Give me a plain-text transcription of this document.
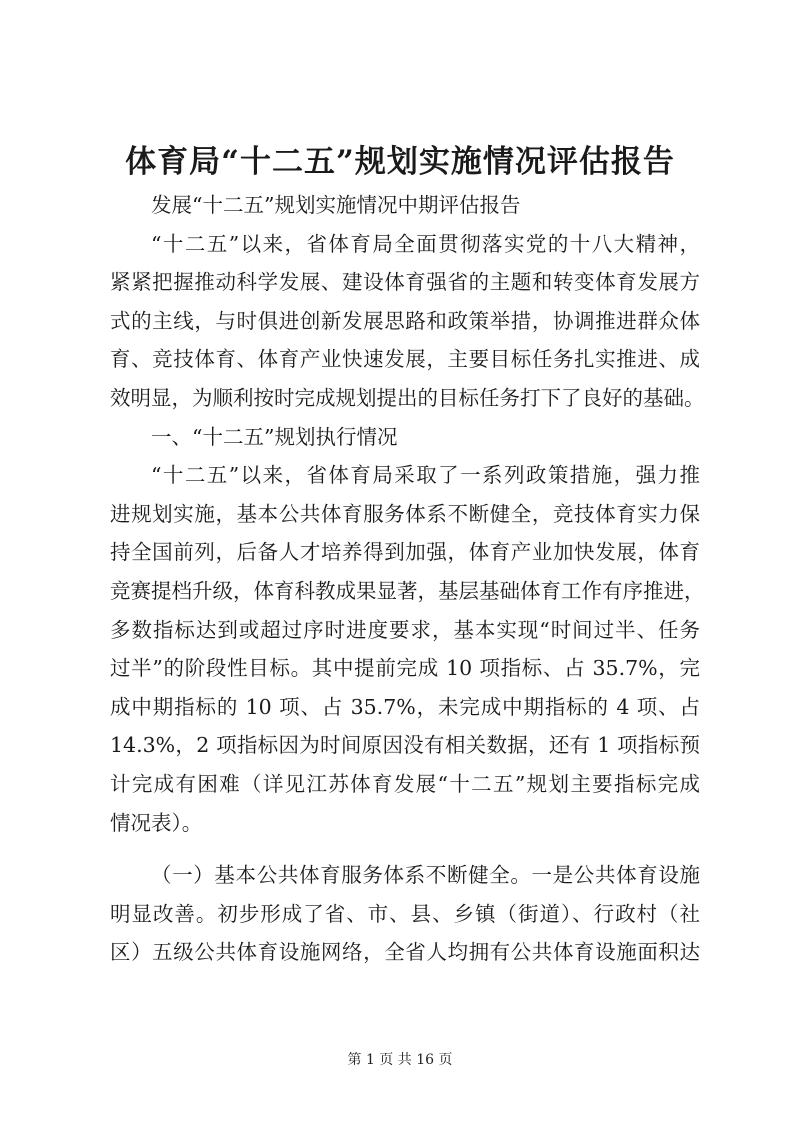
体育局“十二五”规划实施情况评估报告
发展“十二五”规划实施情况中期评估报告
“十二五”以来，省体育局全面贯彻落实党的十八大精神，
紧紧把握推动科学发展、建设体育强省的主题和转变体育发展方
式的主线，与时俱进创新发展思路和政策举措，协调推进群众体
育、竞技体育、体育产业快速发展，主要目标任务扎实推进、成
效明显，为顺利按时完成规划提出的目标任务打下了良好的基础。
一、“十二五”规划执行情况
“十二五”以来，省体育局采取了一系列政策措施，强力推
进规划实施，基本公共体育服务体系不断健全，竞技体育实力保
持全国前列，后备人才培养得到加强，体育产业加快发展，体育
竞赛提档升级，体育科教成果显著，基层基础体育工作有序推进，
多数指标达到或超过序时进度要求，基本实现“时间过半、任务
过半”的阶段性目标。其中提前完成 10 项指标、占 35.7%，完
成中期指标的 10 项、占 35.7%，未完成中期指标的 4 项、占
14.3%，2 项指标因为时间原因没有相关数据，还有 1 项指标预
计完成有困难（详见江苏体育发展“十二五”规划主要指标完成
情况表）。
（一）基本公共体育服务体系不断健全。一是公共体育设施
明显改善。初步形成了省、市、县、乡镇（街道）、行政村（社
区）五级公共体育设施网络，全省人均拥有公共体育设施面积达
第 1 页 共 16 页
